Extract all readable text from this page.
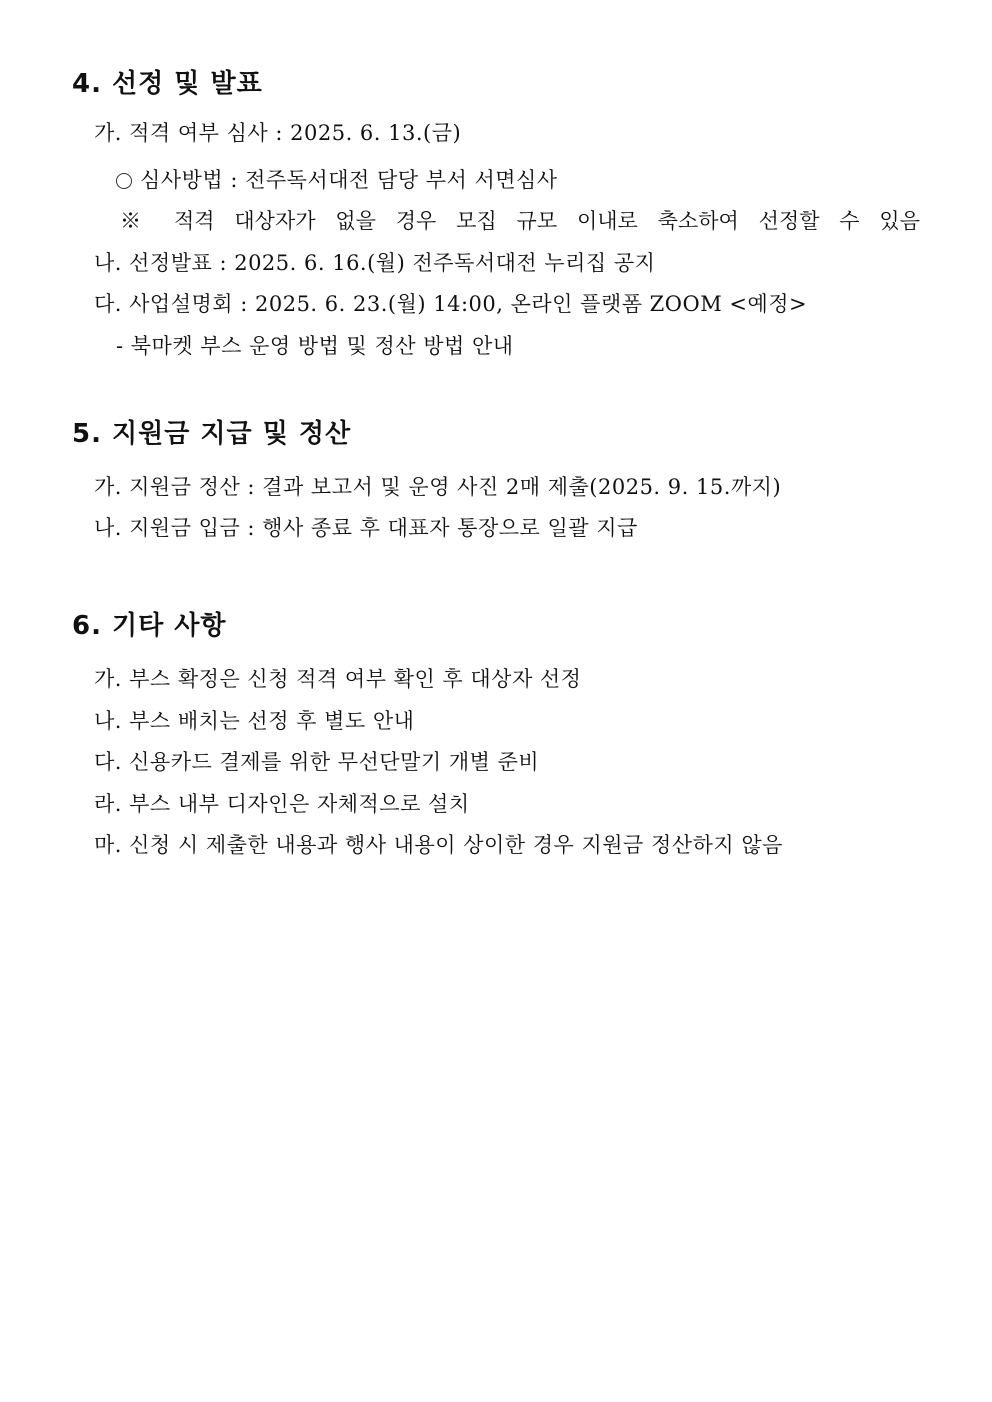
4. 선정 및 발표

가. 적격 여부 심사 : 2025. 6. 13.(금)

심사방법 : 전주독서대전 담당 부서 서면심사

※ 적격 대상자가 없을 경우 모집 규모 이내로 축소하여 선정할 수 있음

나. 선정발표 : 2025. 6. 16.(월) 전주독서대전 누리집 공지

다. 사업설명회 : 2025. 6. 23.(월) 14:00, 온라인 플랫폼 ZOOM <예정>

- 북마켓 부스 운영 방법 및 정산 방법 안내

5. 지원금 지급 및 정산

가. 지원금 정산 : 결과 보고서 및 운영 사진 2매 제출(2025. 9. 15.까지)

나. 지원금 입금 : 행사 종료 후 대표자 통장으로 일괄 지급

6. 기타 사항

가. 부스 확정은 신청 적격 여부 확인 후 대상자 선정

나. 부스 배치는 선정 후 별도 안내

다. 신용카드 결제를 위한 무선단말기 개별 준비

라. 부스 내부 디자인은 자체적으로 설치

마. 신청 시 제출한 내용과 행사 내용이 상이한 경우 지원금 정산하지 않음
